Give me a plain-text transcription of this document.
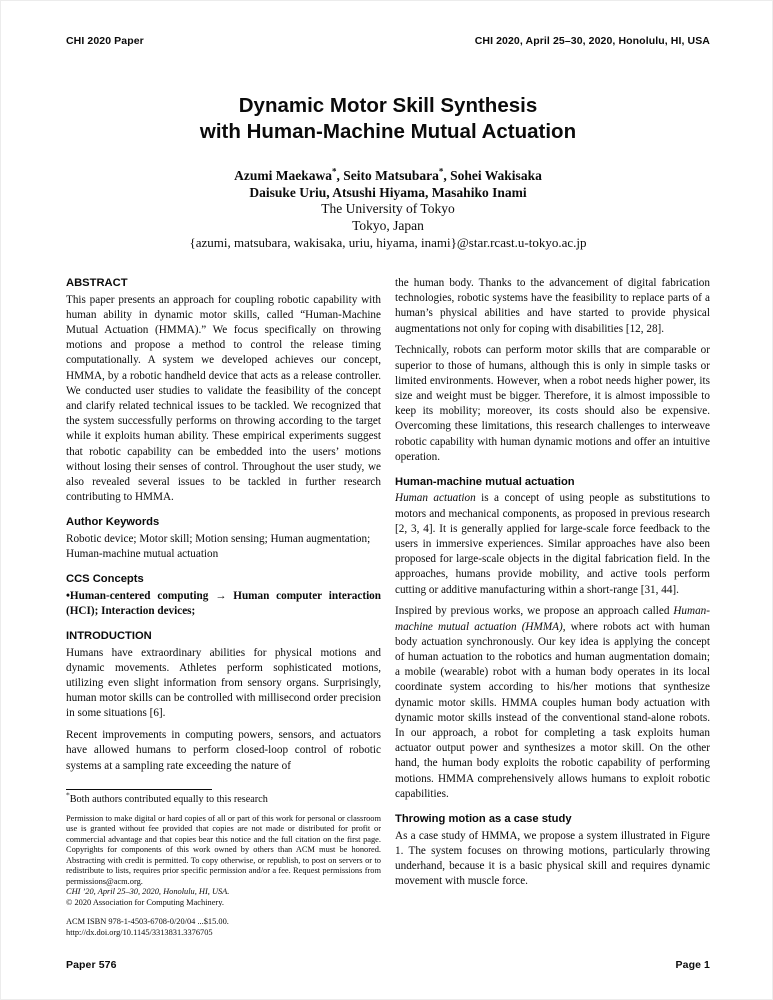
CHI 2020 Paper	CHI 2020, April 25–30, 2020, Honolulu, HI, USA
Dynamic Motor Skill Synthesis
with Human-Machine Mutual Actuation
Azumi Maekawa*, Seito Matsubara*, Sohei Wakisaka
Daisuke Uriu, Atsushi Hiyama, Masahiko Inami
The University of Tokyo
Tokyo, Japan
{azumi, matsubara, wakisaka, uriu, hiyama, inami}@star.rcast.u-tokyo.ac.jp
ABSTRACT

This paper presents an approach for coupling robotic capability with human ability in dynamic motor skills, called “Human-Machine Mutual Actuation (HMMA).” We focus specifically on throwing motions and propose a method to control the release timing computationally. A system we developed achieves our concept, HMMA, by a robotic handheld device that acts as a release controller. We conducted user studies to validate the feasibility of the concept and clarify related technical issues to be tackled. We recognized that the system successfully performs on throwing according to the target while it exploits human ability. These empirical experiments suggest that robotic capability can be embedded into the users’ motions without losing their senses of control. Throughout the user study, we also revealed several issues to be tackled in further research contributing to HMMA.

Author Keywords

Robotic device; Motor skill; Motion sensing; Human augmentation; Human-machine mutual actuation

CCS Concepts

•Human-centered computing → Human computer interaction (HCI); Interaction devices;

INTRODUCTION

Humans have extraordinary abilities for physical motions and dynamic movements. Athletes perform sophisticated motions, utilizing even slight information from sensory organs. Surprisingly, human motor skills can be controlled with millisecond order precision in some situations [6].

Recent improvements in computing powers, sensors, and actuators have allowed humans to perform closed-loop control of robotic systems at a sampling rate exceeding the nature of

*Both authors contributed equally to this research

Permission to make digital or hard copies of all or part of this work for personal or classroom use is granted without fee provided that copies are not made or distributed for profit or commercial advantage and that copies bear this notice and the full citation on the first page. Copyrights for components of this work owned by others than ACM must be honored. Abstracting with credit is permitted. To copy otherwise, or republish, to post on servers or to redistribute to lists, requires prior specific permission and/or a fee. Request permissions from permissions@acm.org.

CHI ’20, April 25–30, 2020, Honolulu, HI, USA.

© 2020 Association for Computing Machinery.

ACM ISBN 978-1-4503-6708-0/20/04 ...$15.00.

http://dx.doi.org/10.1145/3313831.3376705

the human body. Thanks to the advancement of digital fabrication technologies, robotic systems have the feasibility to replace parts of a human’s physical abilities and have started to provide physical augmentations not only for coping with disabilities [12, 28].

Technically, robots can perform motor skills that are comparable or superior to those of humans, although this is only in simple tasks or limited environments. However, when a robot needs higher power, its size and weight must be bigger. Therefore, it is almost impossible to keep its mobility; moreover, its costs should also be expensive. Overcoming these limitations, this research challenges to interweave robotic capability with human dynamic motions and offer an intuitive operation.

Human-machine mutual actuation

Human actuation is a concept of using people as substitutions to motors and mechanical components, as proposed in previous research [2, 3, 4]. It is generally applied for large-scale force feedback to the users in immersive experiences. Similar approaches have also been proposed for large-scale objects in the digital fabrication field. In the approaches, humans provide mobility, and active tools perform cutting or additive manufacturing within a short-range [31, 44].

Inspired by previous works, we propose an approach called Human-machine mutual actuation (HMMA), where robots act with human body actuation synchronously. Our key idea is applying the concept of human actuation to the robotics and human augmentation domain; a mobile (wearable) robot with a human body operates in its local coordinate system according to his/her motions that synthesize dynamic motor skills. HMMA couples human body actuation with dynamic motor skills instead of the conventional stand-alone robots. In our approach, a robot for completing a task exploits human actuator output power and synthesizes a motor skill. On the other hand, the human body exploits the robotic capability of performing motions. HMMA comprehensively allows humans to exploit robotic capabilities.

Throwing motion as a case study

As a case study of HMMA, we propose a system illustrated in Figure 1. The system focuses on throwing motions, particularly throwing underhand, because it is a basic physical skill and requires dynamic movement with muscle force.

Paper 576	Page 1
